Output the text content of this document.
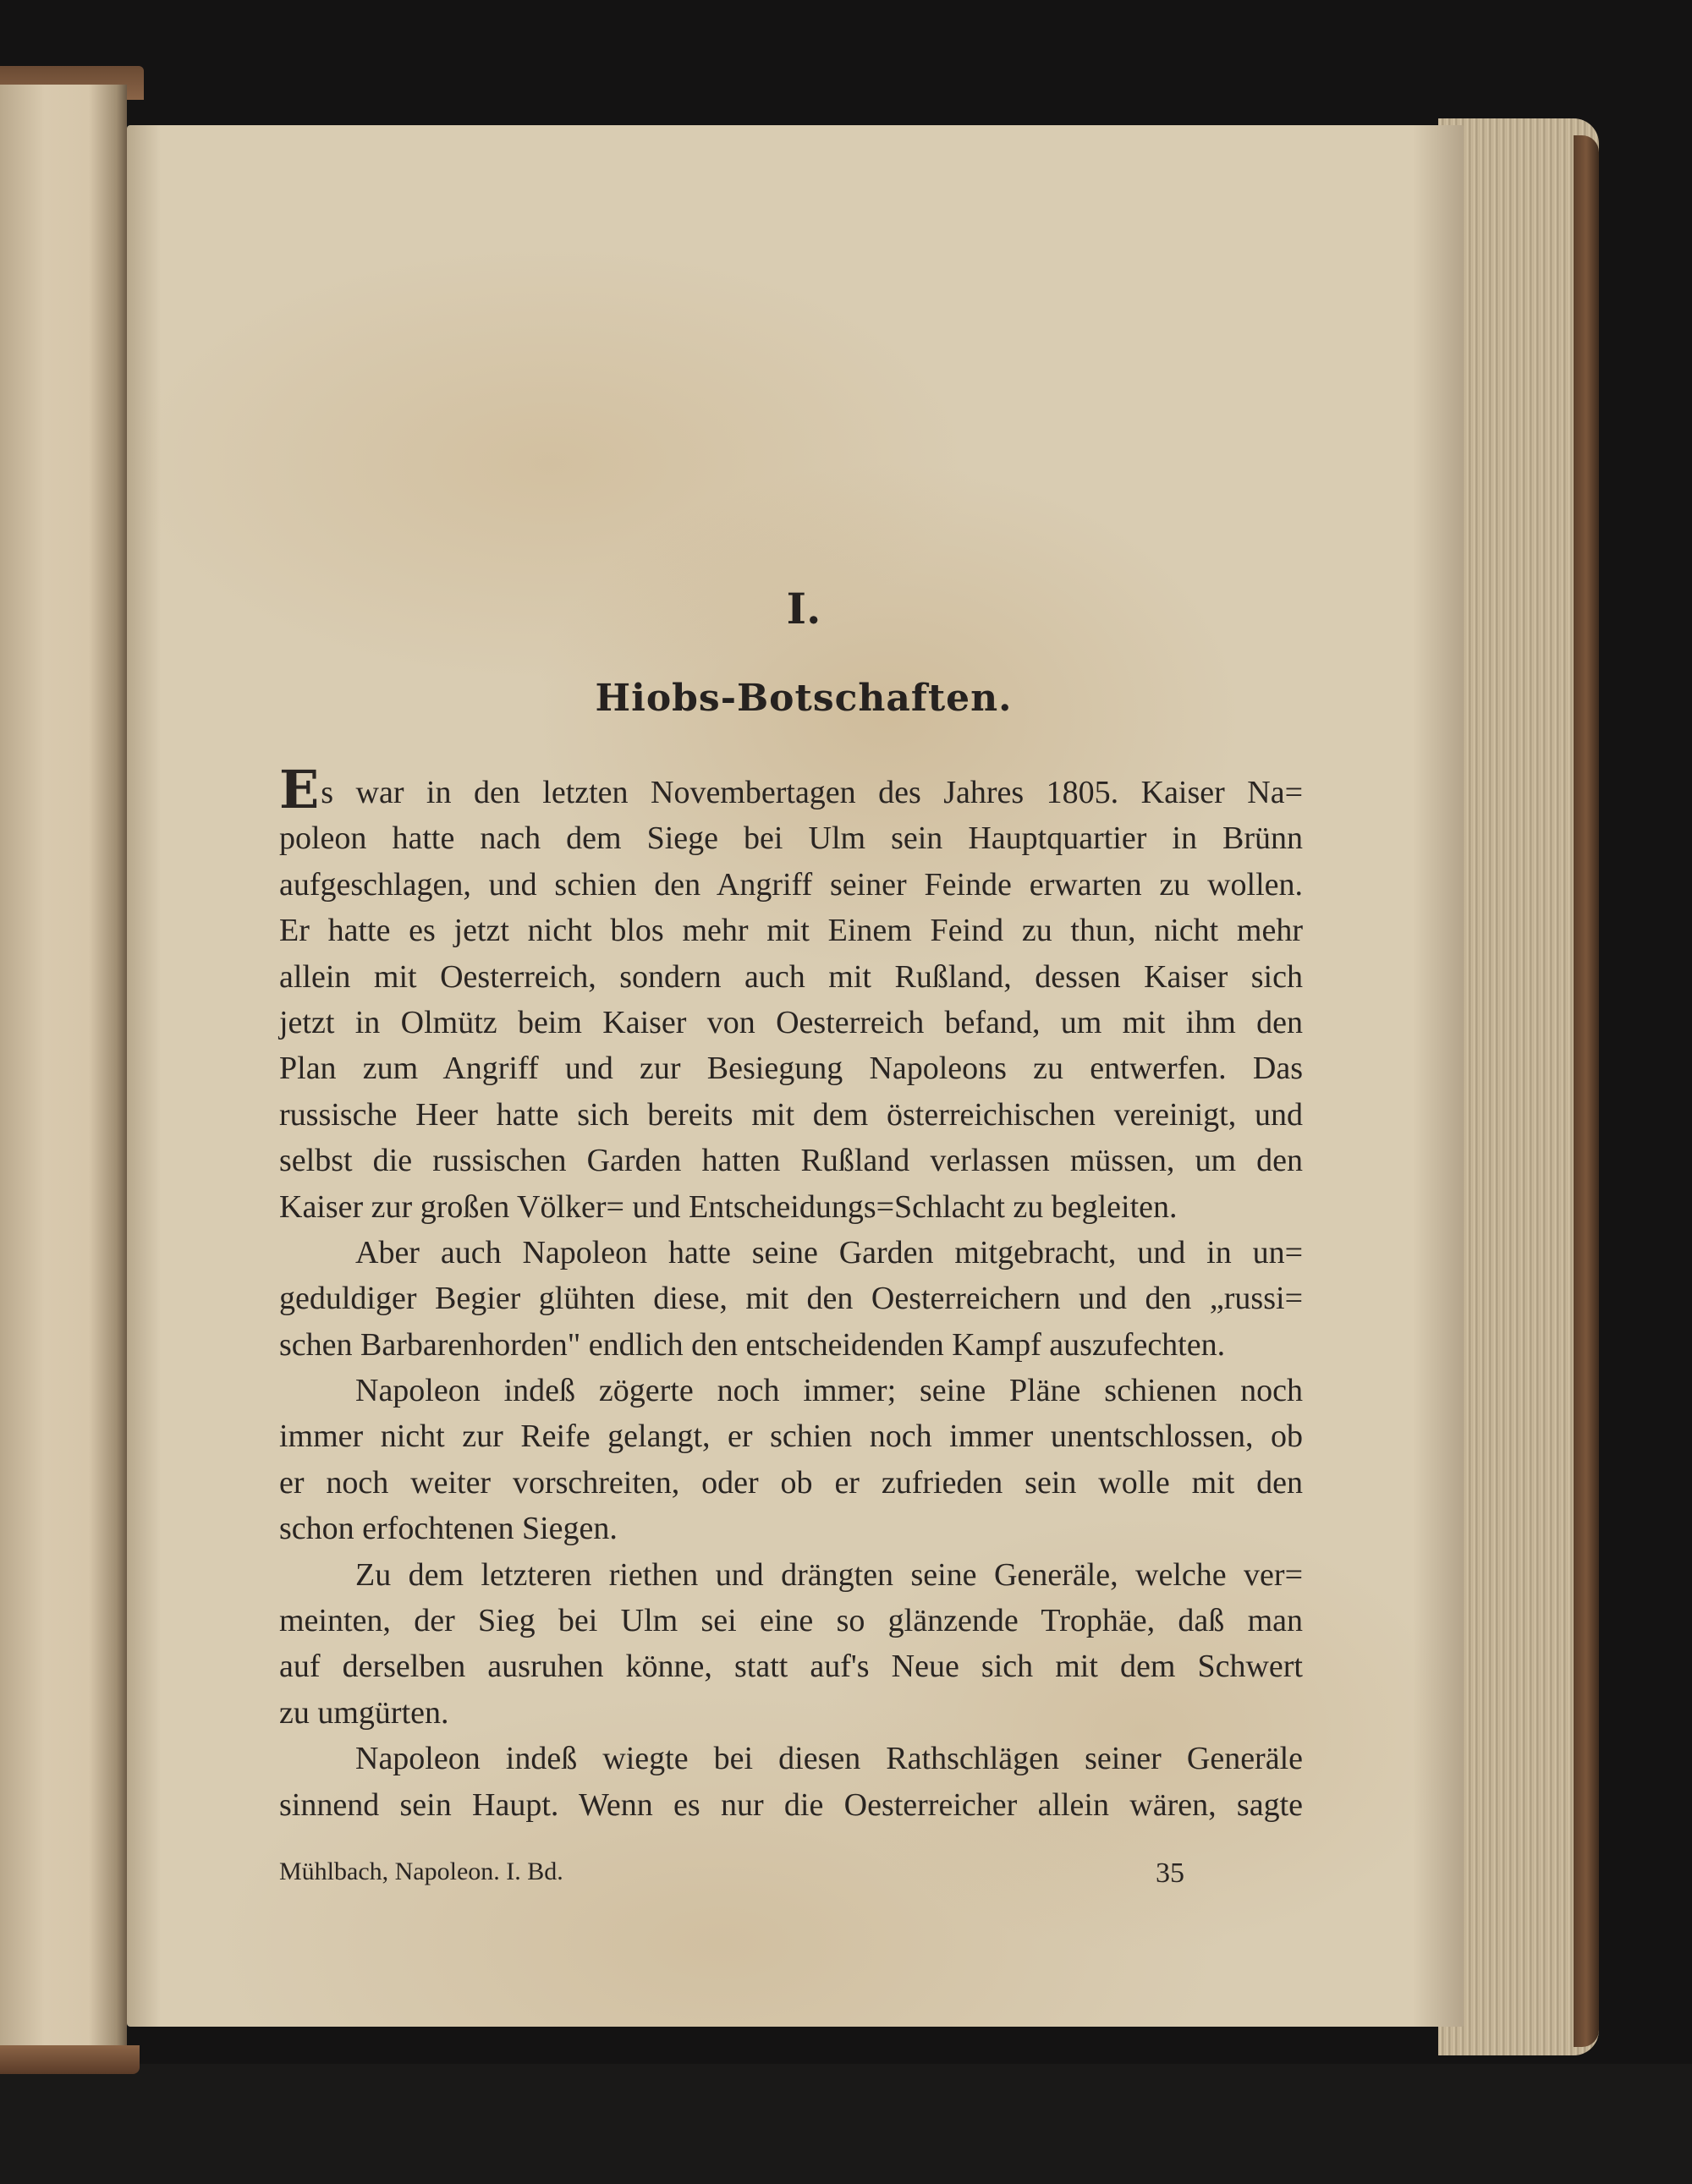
I.
Hiobs-Botschaften.
Es war in den letzten Novembertagen des Jahres 1805. Kaiser Na=
poleon hatte nach dem Siege bei Ulm sein Hauptquartier in Brünn
aufgeschlagen, und schien den Angriff seiner Feinde erwarten zu wollen.
Er hatte es jetzt nicht blos mehr mit Einem Feind zu thun, nicht mehr
allein mit Oesterreich, sondern auch mit Rußland, dessen Kaiser sich
jetzt in Olmütz beim Kaiser von Oesterreich befand, um mit ihm den
Plan zum Angriff und zur Besiegung Napoleons zu entwerfen. Das
russische Heer hatte sich bereits mit dem österreichischen vereinigt, und
selbst die russischen Garden hatten Rußland verlassen müssen, um den
Kaiser zur großen Völker= und Entscheidungs=Schlacht zu begleiten.
Aber auch Napoleon hatte seine Garden mitgebracht, und in un=
geduldiger Begier glühten diese, mit den Oesterreichern und den „russi=
schen Barbarenhorden" endlich den entscheidenden Kampf auszufechten.
Napoleon indeß zögerte noch immer; seine Pläne schienen noch
immer nicht zur Reife gelangt, er schien noch immer unentschlossen, ob
er noch weiter vorschreiten, oder ob er zufrieden sein wolle mit den
schon erfochtenen Siegen.
Zu dem letzteren riethen und drängten seine Generäle, welche ver=
meinten, der Sieg bei Ulm sei eine so glänzende Trophäe, daß man
auf derselben ausruhen könne, statt auf's Neue sich mit dem Schwert
zu umgürten.
Napoleon indeß wiegte bei diesen Rathschlägen seiner Generäle
sinnend sein Haupt. Wenn es nur die Oesterreicher allein wären, sagte
Mühlbach, Napoleon. I. Bd.	35
